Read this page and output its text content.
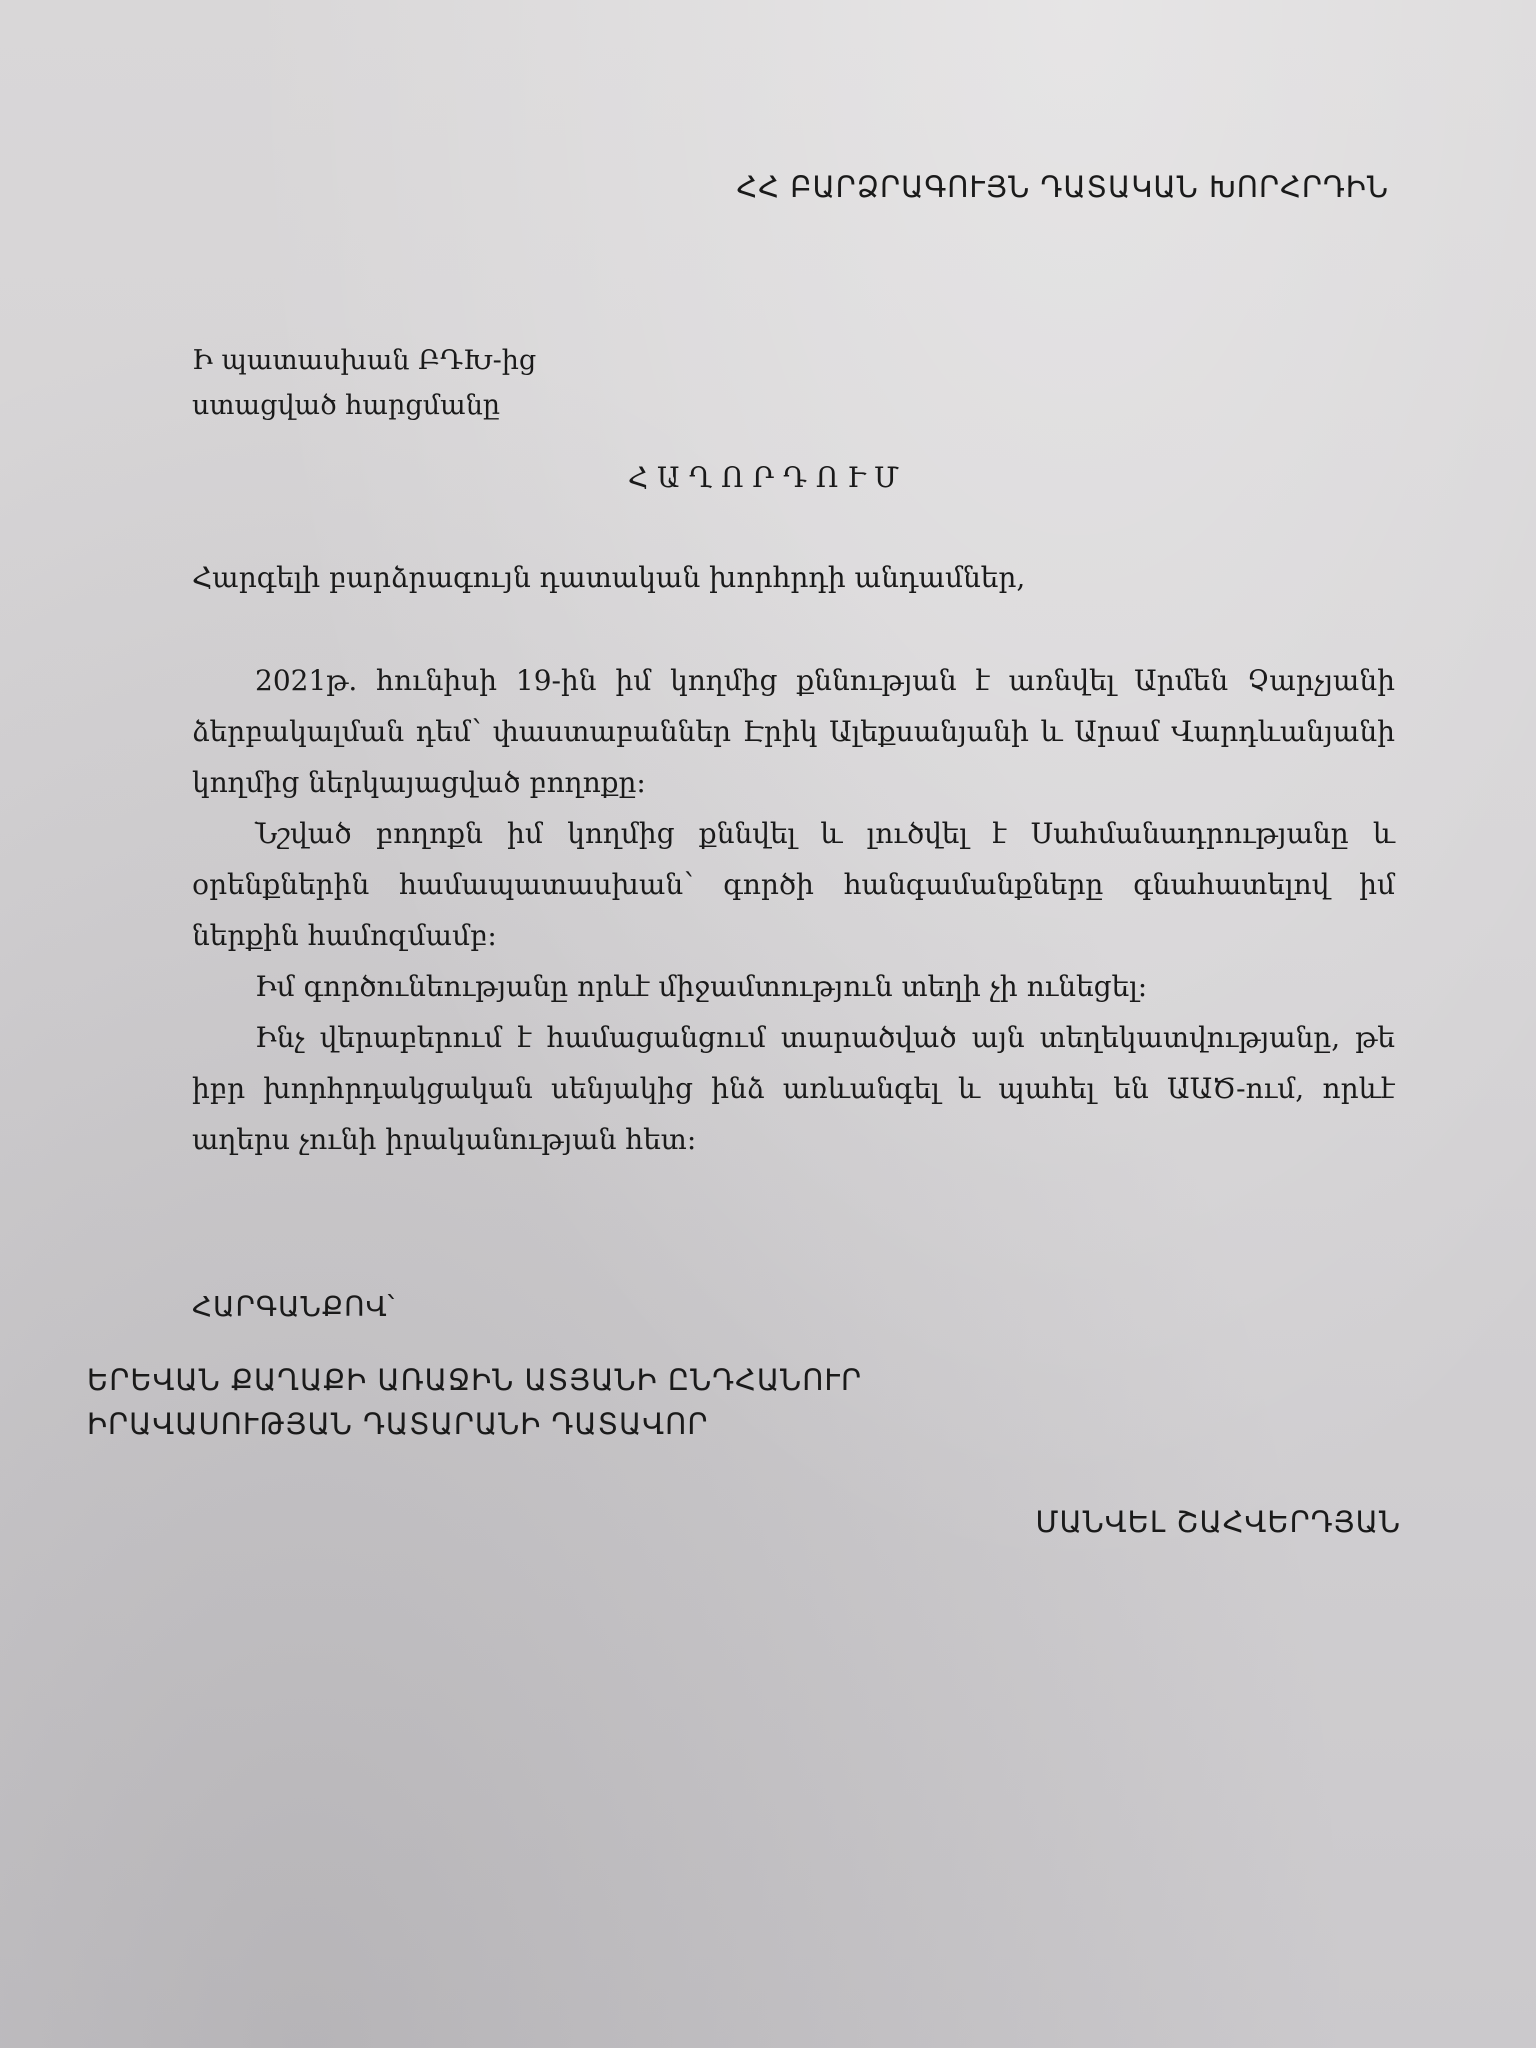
ՀՀ ԲԱՐՁՐԱԳՈՒՅՆ ԴԱՏԱԿԱՆ ԽՈՐՀՐԴԻՆ
Ի պատասխան ԲԴԽ-ից
ստացված հարցմանը
ՀԱՂՈՐԴՈՒՄ
Հարգելի բարձրագույն դատական խորհրդի անդամներ,
2021թ. հունիսի 19-ին իմ կողմից քննության է առնվել Արմեն Չարչյանի ձերբակալման դեմ՝ փաստաբաններ Էրիկ Ալեքսանյանի և Արամ Վարդևանյանի կողմից ներկայացված բողոքը:
Նշված բողոքն իմ կողմից քննվել և լուծվել է Սահմանադրությանը և օրենքներին համապատասխան՝ գործի հանգամանքները գնահատելով իմ ներքին համոզմամբ:
Իմ գործունեությանը որևէ միջամտություն տեղի չի ունեցել:
Ինչ վերաբերում է համացանցում տարածված այն տեղեկատվությանը, թե իբր խորհրդակցական սենյակից ինձ առևանգել և պահել են ԱԱԾ-ում, որևէ աղերս չունի իրականության հետ:
ՀԱՐԳԱՆՔՈՎ՝
ԵՐԵՎԱՆ ՔԱՂԱՔԻ ԱՌԱՋԻՆ ԱՏՅԱՆԻ ԸՆԴՀԱՆՈՒՐ
ԻՐԱՎԱՍՈՒԹՅԱՆ ԴԱՏԱՐԱՆԻ ԴԱՏԱՎՈՐ
ՄԱՆՎԵԼ ՇԱՀՎԵՐԴՅԱՆ
